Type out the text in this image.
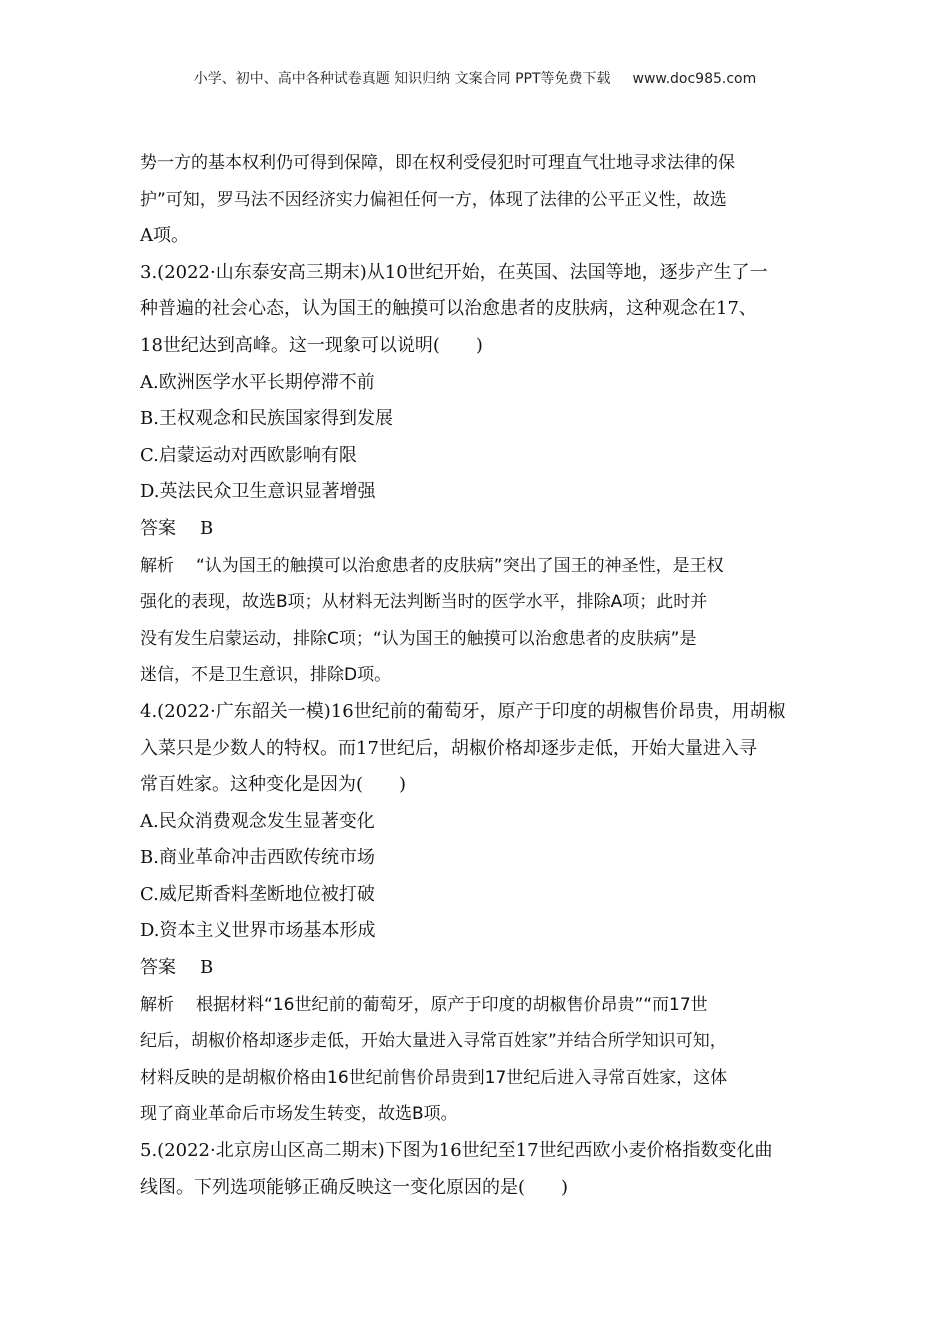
小学、初中、高中各种试卷真题 知识归纳 文案合同 PPT等免费下载 www.doc985.com
势一方的基本权利仍可得到保障，即在权利受侵犯时可理直气壮地寻求法律的保
护”可知，罗马法不因经济实力偏袒任何一方，体现了法律的公平正义性，故选
A项。
3.(2022·山东泰安高三期末)从10世纪开始，在英国、法国等地，逐步产生了一
种普遍的社会心态，认为国王的触摸可以治愈患者的皮肤病，这种观念在17、
18世纪达到高峰。这一现象可以说明(　　)
A.欧洲医学水平长期停滞不前
B.王权观念和民族国家得到发展
C.启蒙运动对西欧影响有限
D.英法民众卫生意识显著增强
答案 B
解析 “认为国王的触摸可以治愈患者的皮肤病”突出了国王的神圣性，是王权
强化的表现，故选B项；从材料无法判断当时的医学水平，排除A项；此时并
没有发生启蒙运动，排除C项；“认为国王的触摸可以治愈患者的皮肤病”是
迷信，不是卫生意识，排除D项。
4.(2022·广东韶关一模)16世纪前的葡萄牙，原产于印度的胡椒售价昂贵，用胡椒
入菜只是少数人的特权。而17世纪后，胡椒价格却逐步走低，开始大量进入寻
常百姓家。这种变化是因为(　　)
A.民众消费观念发生显著变化
B.商业革命冲击西欧传统市场
C.威尼斯香料垄断地位被打破
D.资本主义世界市场基本形成
答案 B
解析 根据材料“16世纪前的葡萄牙，原产于印度的胡椒售价昂贵”“而17世
纪后，胡椒价格却逐步走低，开始大量进入寻常百姓家”并结合所学知识可知，
材料反映的是胡椒价格由16世纪前售价昂贵到17世纪后进入寻常百姓家，这体
现了商业革命后市场发生转变，故选B项。
5.(2022·北京房山区高二期末)下图为16世纪至17世纪西欧小麦价格指数变化曲
线图。下列选项能够正确反映这一变化原因的是(　　)
